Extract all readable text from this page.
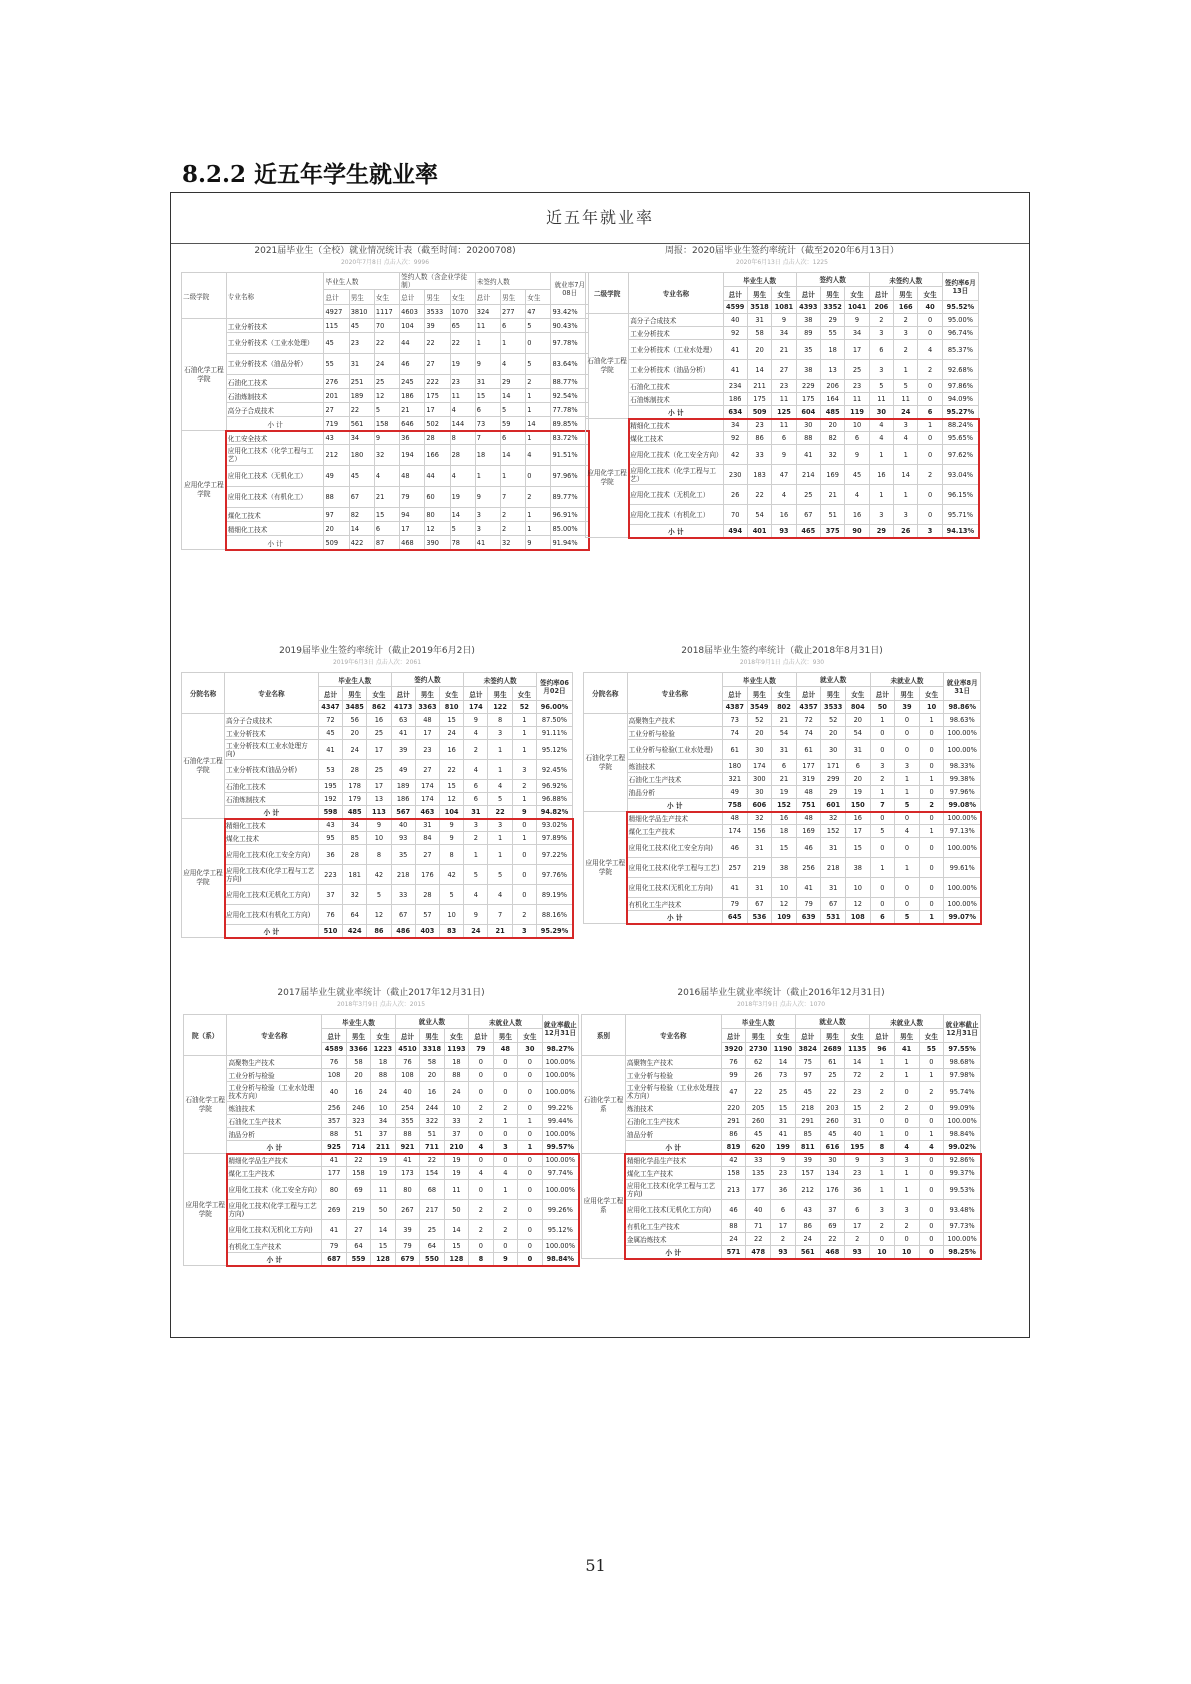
8.2.2 近五年学生就业率
近五年就业率
2021届毕业生（全校）就业情况统计表（截至时间：20200708)
2020年7月8日 点击人次：9996
二级学院	专业名称	毕业生人数			签约人数（含企业学徒制）			未签约人数			就业率7月08日
		总计	男生	女生	总计	男生	女生	总计	男生	女生	
		4927	3810	1117	4603	3533	1070	324	277	47	93.42%
石油化学工程学院	工业分析技术	115	45	70	104	39	65	11	6	5	90.43%
	工业分析技术（工业水处理）	45	23	22	44	22	22	1	1	0	97.78%
	工业分析技术（油品分析）	55	31	24	46	27	19	9	4	5	83.64%
	石油化工技术	276	251	25	245	222	23	31	29	2	88.77%
	石油炼制技术	201	189	12	186	175	11	15	14	1	92.54%
	高分子合成技术	27	22	5	21	17	4	6	5	1	77.78%
	小 计	719	561	158	646	502	144	73	59	14	89.85%
应用化学工程学院	化工安全技术	43	34	9	36	28	8	7	6	1	83.72%
	应用化工技术（化学工程与工艺）	212	180	32	194	166	28	18	14	4	91.51%
	应用化工技术（无机化工）	49	45	4	48	44	4	1	1	0	97.96%
	应用化工技术（有机化工）	88	67	21	79	60	19	9	7	2	89.77%
	煤化工技术	97	82	15	94	80	14	3	2	1	96.91%
	精细化工技术	20	14	6	17	12	5	3	2	1	85.00%
	小 计	509	422	87	468	390	78	41	32	9	91.94%
周报：2020届毕业生签约率统计（截至2020年6月13日）
2020年6月13日 点击人次：1225
二级学院	专业名称	毕业生人数			签约人数			未签约人数			签约率6月13日
		总计	男生	女生	总计	男生	女生	总计	男生	女生	
		4599	3518	1081	4393	3352	1041	206	166	40	95.52%
石油化学工程学院	高分子合成技术	40	31	9	38	29	9	2	2	0	95.00%
	工业分析技术	92	58	34	89	55	34	3	3	0	96.74%
	工业分析技术（工业水处理）	41	20	21	35	18	17	6	2	4	85.37%
	工业分析技术（油品分析）	41	14	27	38	13	25	3	1	2	92.68%
	石油化工技术	234	211	23	229	206	23	5	5	0	97.86%
	石油炼制技术	186	175	11	175	164	11	11	11	0	94.09%
	小 计	634	509	125	604	485	119	30	24	6	95.27%
应用化学工程学院	精细化工技术	34	23	11	30	20	10	4	3	1	88.24%
	煤化工技术	92	86	6	88	82	6	4	4	0	95.65%
	应用化工技术（化工安全方向）	42	33	9	41	32	9	1	1	0	97.62%
	应用化工技术（化学工程与工艺）	230	183	47	214	169	45	16	14	2	93.04%
	应用化工技术（无机化工）	26	22	4	25	21	4	1	1	0	96.15%
	应用化工技术（有机化工）	70	54	16	67	51	16	3	3	0	95.71%
	小 计	494	401	93	465	375	90	29	26	3	94.13%
2019届毕业生签约率统计（截止2019年6月2日)
2019年6月3日 点击人次：2061
分院名称	专业名称	毕业生人数			签约人数			未签约人数			签约率06月02日
		总计	男生	女生	总计	男生	女生	总计	男生	女生	
		4347	3485	862	4173	3363	810	174	122	52	96.00%
石油化学工程学院	高分子合成技术	72	56	16	63	48	15	9	8	1	87.50%
	工业分析技术	45	20	25	41	17	24	4	3	1	91.11%
	工业分析技术(工业水处理方向)	41	24	17	39	23	16	2	1	1	95.12%
	工业分析技术(油品分析)	53	28	25	49	27	22	4	1	3	92.45%
	石油化工技术	195	178	17	189	174	15	6	4	2	96.92%
	石油炼制技术	192	179	13	186	174	12	6	5	1	96.88%
	小 计	598	485	113	567	463	104	31	22	9	94.82%
应用化学工程学院	精细化工技术	43	34	9	40	31	9	3	3	0	93.02%
	煤化工技术	95	85	10	93	84	9	2	1	1	97.89%
	应用化工技术(化工安全方向)	36	28	8	35	27	8	1	1	0	97.22%
	应用化工技术(化学工程与工艺方向)	223	181	42	218	176	42	5	5	0	97.76%
	应用化工技术(无机化工方向)	37	32	5	33	28	5	4	4	0	89.19%
	应用化工技术(有机化工方向)	76	64	12	67	57	10	9	7	2	88.16%
	小 计	510	424	86	486	403	83	24	21	3	95.29%
2018届毕业生签约率统计（截止2018年8月31日)
2018年9月1日 点击人次：930
分院名称	专业名称	毕业生人数			就业人数			未就业人数			就业率8月31日
		总计	男生	女生	总计	男生	女生	总计	男生	女生	
		4387	3549	802	4357	3533	804	50	39	10	98.86%
石油化学工程学院	高聚物生产技术	73	52	21	72	52	20	1	0	1	98.63%
	工业分析与检验	74	20	54	74	20	54	0	0	0	100.00%
	工业分析与检验(工业水处理)	61	30	31	61	30	31	0	0	0	100.00%
	炼油技术	180	174	6	177	171	6	3	3	0	98.33%
	石油化工生产技术	321	300	21	319	299	20	2	1	1	99.38%
	油品分析	49	30	19	48	29	19	1	1	0	97.96%
	小 计	758	606	152	751	601	150	7	5	2	99.08%
应用化学工程学院	精细化学品生产技术	48	32	16	48	32	16	0	0	0	100.00%
	煤化工生产技术	174	156	18	169	152	17	5	4	1	97.13%
	应用化工技术(化工安全方向)	46	31	15	46	31	15	0	0	0	100.00%
	应用化工技术(化学工程与工艺)	257	219	38	256	218	38	1	1	0	99.61%
	应用化工技术(无机化工方向)	41	31	10	41	31	10	0	0	0	100.00%
	有机化工生产技术	79	67	12	79	67	12	0	0	0	100.00%
	小 计	645	536	109	639	531	108	6	5	1	99.07%
2017届毕业生就业率统计（截止2017年12月31日)
2018年3月9日 点击人次：2015
院（系）	专业名称	毕业生人数			就业人数			未就业人数			就业率截止12月31日
		总计	男生	女生	总计	男生	女生	总计	男生	女生	
		4589	3366	1223	4510	3318	1193	79	48	30	98.27%
石油化学工程学院	高聚物生产技术	76	58	18	76	58	18	0	0	0	100.00%
	工业分析与检验	108	20	88	108	20	88	0	0	0	100.00%
	工业分析与检验（工业水处理技术方向）	40	16	24	40	16	24	0	0	0	100.00%
	炼油技术	256	246	10	254	244	10	2	2	0	99.22%
	石油化工生产技术	357	323	34	355	322	33	2	1	1	99.44%
	油品分析	88	51	37	88	51	37	0	0	0	100.00%
	小 计	925	714	211	921	711	210	4	3	1	99.57%
应用化学工程学院	精细化学品生产技术	41	22	19	41	22	19	0	0	0	100.00%
	煤化工生产技术	177	158	19	173	154	19	4	4	0	97.74%
	应用化工技术（化工安全方向）	80	69	11	80	68	11	0	1	0	100.00%
	应用化工技术(化学工程与工艺方向)	269	219	50	267	217	50	2	2	0	99.26%
	应用化工技术(无机化工方向)	41	27	14	39	25	14	2	2	0	95.12%
	有机化工生产技术	79	64	15	79	64	15	0	0	0	100.00%
	小 计	687	559	128	679	550	128	8	9	0	98.84%
2016届毕业生就业率统计（截止2016年12月31日)
2018年3月9日 点击人次：1070
系别	专业名称	毕业生人数			就业人数			未就业人数			就业率截止12月31日
		总计	男生	女生	总计	男生	女生	总计	男生	女生	
		3920	2730	1190	3824	2689	1135	96	41	55	97.55%
石油化学工程系	高聚物生产技术	76	62	14	75	61	14	1	1	0	98.68%
	工业分析与检验	99	26	73	97	25	72	2	1	1	97.98%
	工业分析与检验（工业水处理技术方向）	47	22	25	45	22	23	2	0	2	95.74%
	炼油技术	220	205	15	218	203	15	2	2	0	99.09%
	石油化工生产技术	291	260	31	291	260	31	0	0	0	100.00%
	油品分析	86	45	41	85	45	40	1	0	1	98.84%
	小 计	819	620	199	811	616	195	8	4	4	99.02%
应用化学工程系	精细化学品生产技术	42	33	9	39	30	9	3	3	0	92.86%
	煤化工生产技术	158	135	23	157	134	23	1	1	0	99.37%
	应用化工技术(化学工程与工艺方向)	213	177	36	212	176	36	1	1	0	99.53%
	应用化工技术(无机化工方向)	46	40	6	43	37	6	3	3	0	93.48%
	有机化工生产技术	88	71	17	86	69	17	2	2	0	97.73%
	金属冶炼技术	24	22	2	24	22	2	0	0	0	100.00%
	小 计	571	478	93	561	468	93	10	10	0	98.25%
51
